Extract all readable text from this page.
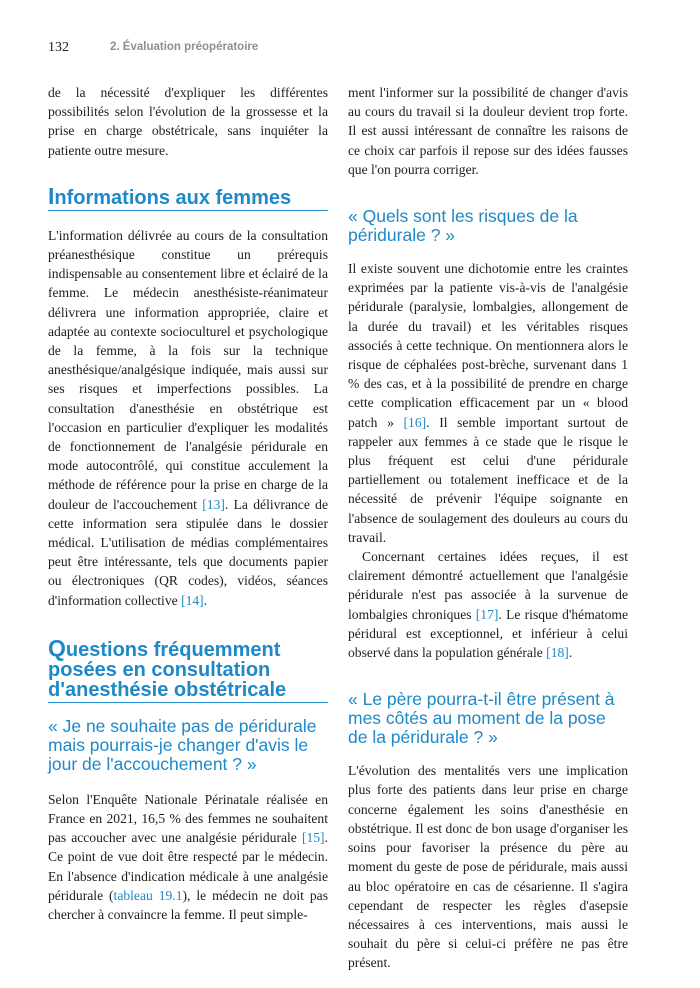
132	2. Évaluation préopératoire

de la nécessité d'expliquer les différentes possibilités selon l'évolution de la grossesse et la prise en charge obstétricale, sans inquiéter la patiente outre mesure.

Informations aux femmes

L'information délivrée au cours de la consultation préanesthésique constitue un prérequis indispensable au consentement libre et éclairé de la femme. Le médecin anesthésiste-réanimateur délivrera une information appropriée, claire et adaptée au contexte socioculturel et psychologique de la femme, à la fois sur la technique anesthésique/analgésique indiquée, mais aussi sur ses risques et imperfections possibles. La consultation d'anesthésie en obstétrique est l'occasion en particulier d'expliquer les modalités de fonctionnement de l'analgésie péridurale en mode autocontrôlé, qui constitue acculement la méthode de référence pour la prise en charge de la douleur de l'accouchement [13]. La délivrance de cette information sera stipulée dans le dossier médical. L'utilisation de médias complémentaires peut être intéressante, tels que documents papier ou électroniques (QR codes), vidéos, séances d'information collective [14].

Questions fréquemment posées en consultation d'anesthésie obstétricale
« Je ne souhaite pas de péridurale mais pourrais-je changer d'avis le jour de l'accouchement ? »

Selon l'Enquête Nationale Périnatale réalisée en France en 2021, 16,5 % des femmes ne souhaitent pas accoucher avec une analgésie péridurale [15]. Ce point de vue doit être respecté par le médecin. En l'absence d'indication médicale à une analgésie péridurale (tableau 19.1), le médecin ne doit pas chercher à convaincre la femme. Il peut simple-

ment l'informer sur la possibilité de changer d'avis au cours du travail si la douleur devient trop forte. Il est aussi intéressant de connaître les raisons de ce choix car parfois il repose sur des idées fausses que l'on pourra corriger.

« Quels sont les risques de la péridurale ? »

Il existe souvent une dichotomie entre les craintes exprimées par la patiente vis-à-vis de l'analgésie péridurale (paralysie, lombalgies, allongement de la durée du travail) et les véritables risques associés à cette technique. On mentionnera alors le risque de céphalées post-brèche, survenant dans 1 % des cas, et à la possibilité de prendre en charge cette complication efficacement par un « blood patch » [16]. Il semble important surtout de rappeler aux femmes à ce stade que le risque le plus fréquent est celui d'une péridurale partiellement ou totalement inefficace et de la nécessité de prévenir l'équipe soignante en l'absence de soulagement des douleurs au cours du travail.

Concernant certaines idées reçues, il est clairement démontré actuellement que l'analgésie péridurale n'est pas associée à la survenue de lombalgies chroniques [17]. Le risque d'hématome péridural est exceptionnel, et inférieur à celui observé dans la population générale [18].

« Le père pourra-t-il être présent à mes côtés au moment de la pose de la péridurale ? »

L'évolution des mentalités vers une implication plus forte des patients dans leur prise en charge concerne également les soins d'anesthésie en obstétrique. Il est donc de bon usage d'organiser les soins pour favoriser la présence du père au moment du geste de pose de péridurale, mais aussi au bloc opératoire en cas de césarienne. Il s'agira cependant de respecter les règles d'asepsie nécessaires à ces interventions, mais aussi le souhait du père si celui-ci préfère ne pas être présent.
